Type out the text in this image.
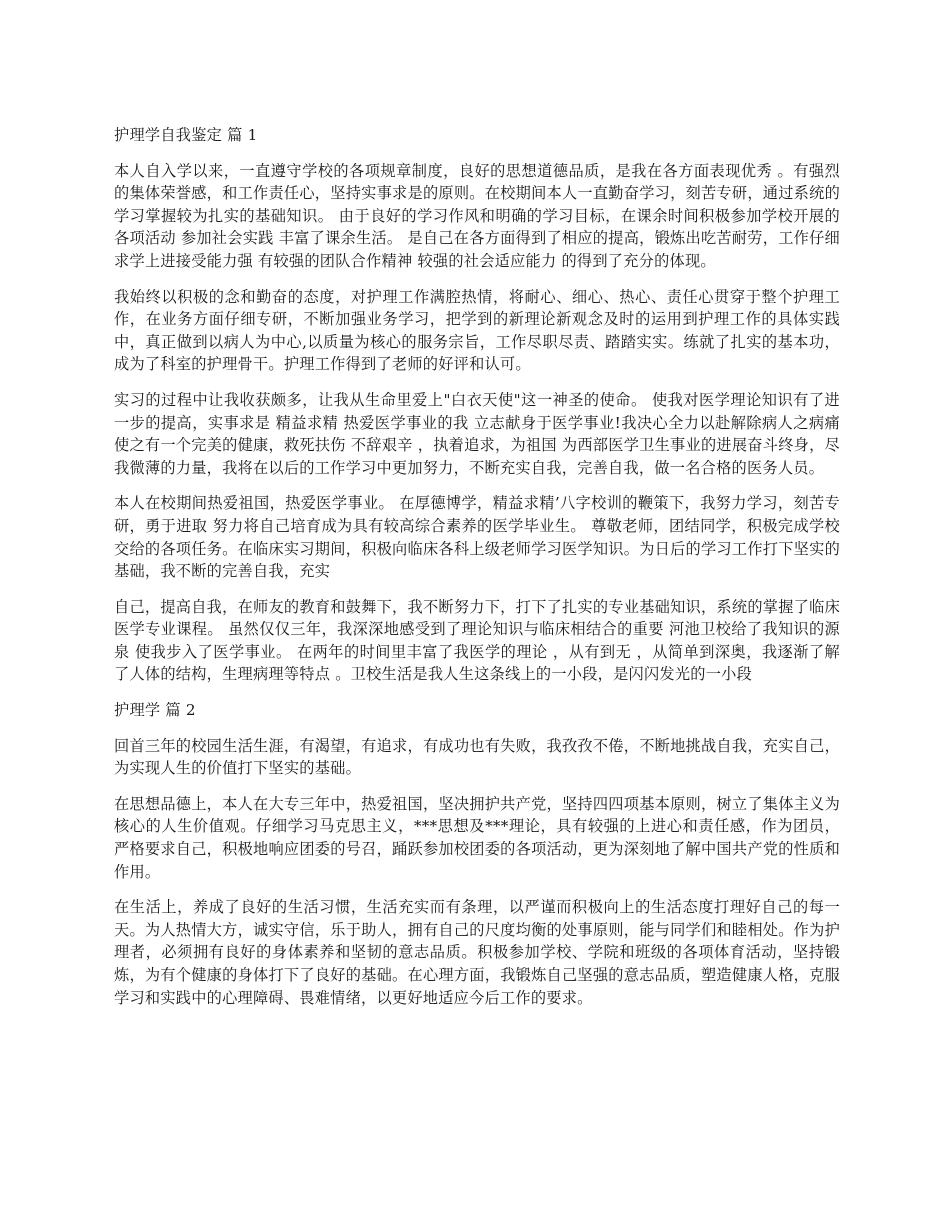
护理学自我鉴定 篇 1

本人自入学以来，一直遵守学校的各项规章制度，良好的思想道德品质，是我在各方面表现优秀 。有强烈的集体荣誉感，和工作责任心，坚持实事求是的原则。在校期间本人一直勤奋学习，刻苦专研，通过系统的学习掌握较为扎实的基础知识。 由于良好的学习作风和明确的学习目标，在课余时间积极参加学校开展的各项活动 参加社会实践 丰富了课余生活。 是自己在各方面得到了相应的提高，锻炼出吃苦耐劳，工作仔细 求学上进接受能力强 有较强的团队合作精神 较强的社会适应能力 的得到了充分的体现。

我始终以积极的念和勤奋的态度，对护理工作满腔热情，将耐心、细心、热心、责任心贯穿于整个护理工作，在业务方面仔细专研，不断加强业务学习，把学到的新理论新观念及时的运用到护理工作的具体实践中，真正做到以病人为中心,以质量为核心的服务宗旨，工作尽职尽责、踏踏实实。练就了扎实的基本功，成为了科室的护理骨干。护理工作得到了老师的好评和认可。

实习的过程中让我收获颇多，让我从生命里爱上"白衣天使"这一神圣的使命。 使我对医学理论知识有了进一步的提高，实事求是 精益求精 热爱医学事业的我 立志献身于医学事业!我决心全力以赴解除病人之病痛 使之有一个完美的健康，救死扶伤 不辞艰辛 ，执着追求，为祖国 为西部医学卫生事业的进展奋斗终身，尽我微薄的力量，我将在以后的工作学习中更加努力，不断充实自我，完善自我，做一名合格的医务人员。

本人在校期间热爱祖国，热爱医学事业。 在厚德博学，精益求精’八字校训的鞭策下，我努力学习，刻苦专研，勇于进取 努力将自己培育成为具有较高综合素养的医学毕业生。 尊敬老师，团结同学，积极完成学校交给的各项任务。在临床实习期间，积极向临床各科上级老师学习医学知识。为日后的学习工作打下坚实的基础，我不断的完善自我，充实

自己，提高自我，在师友的教育和鼓舞下，我不断努力下，打下了扎实的专业基础知识，系统的掌握了临床医学专业课程。 虽然仅仅三年，我深深地感受到了理论知识与临床相结合的重要 河池卫校给了我知识的源泉 使我步入了医学事业。 在两年的时间里丰富了我医学的理论 ，从有到无 ，从简单到深奥，我逐渐了解了人体的结构，生理病理等特点 。卫校生活是我人生这条线上的一小段，是闪闪发光的一小段

护理学 篇 2

回首三年的校园生活生涯，有渴望，有追求，有成功也有失败，我孜孜不倦，不断地挑战自我，充实自己，为实现人生的价值打下坚实的基础。

在思想品德上，本人在大专三年中，热爱祖国，坚决拥护共产党，坚持四四项基本原则，树立了集体主义为核心的人生价值观。仔细学习马克思主义，***思想及***理论，具有较强的上进心和责任感，作为团员，严格要求自己，积极地响应团委的号召，踊跃参加校团委的各项活动，更为深刻地了解中国共产党的性质和作用。

在生活上，养成了良好的生活习惯，生活充实而有条理，以严谨而积极向上的生活态度打理好自己的每一天。为人热情大方，诚实守信，乐于助人，拥有自己的尺度均衡的处事原则，能与同学们和睦相处。作为护理者，必须拥有良好的身体素养和坚韧的意志品质。积极参加学校、学院和班级的各项体育活动，坚持锻炼，为有个健康的身体打下了良好的基础。在心理方面，我锻炼自己坚强的意志品质，塑造健康人格，克服学习和实践中的心理障碍、畏难情绪，以更好地适应今后工作的要求。
